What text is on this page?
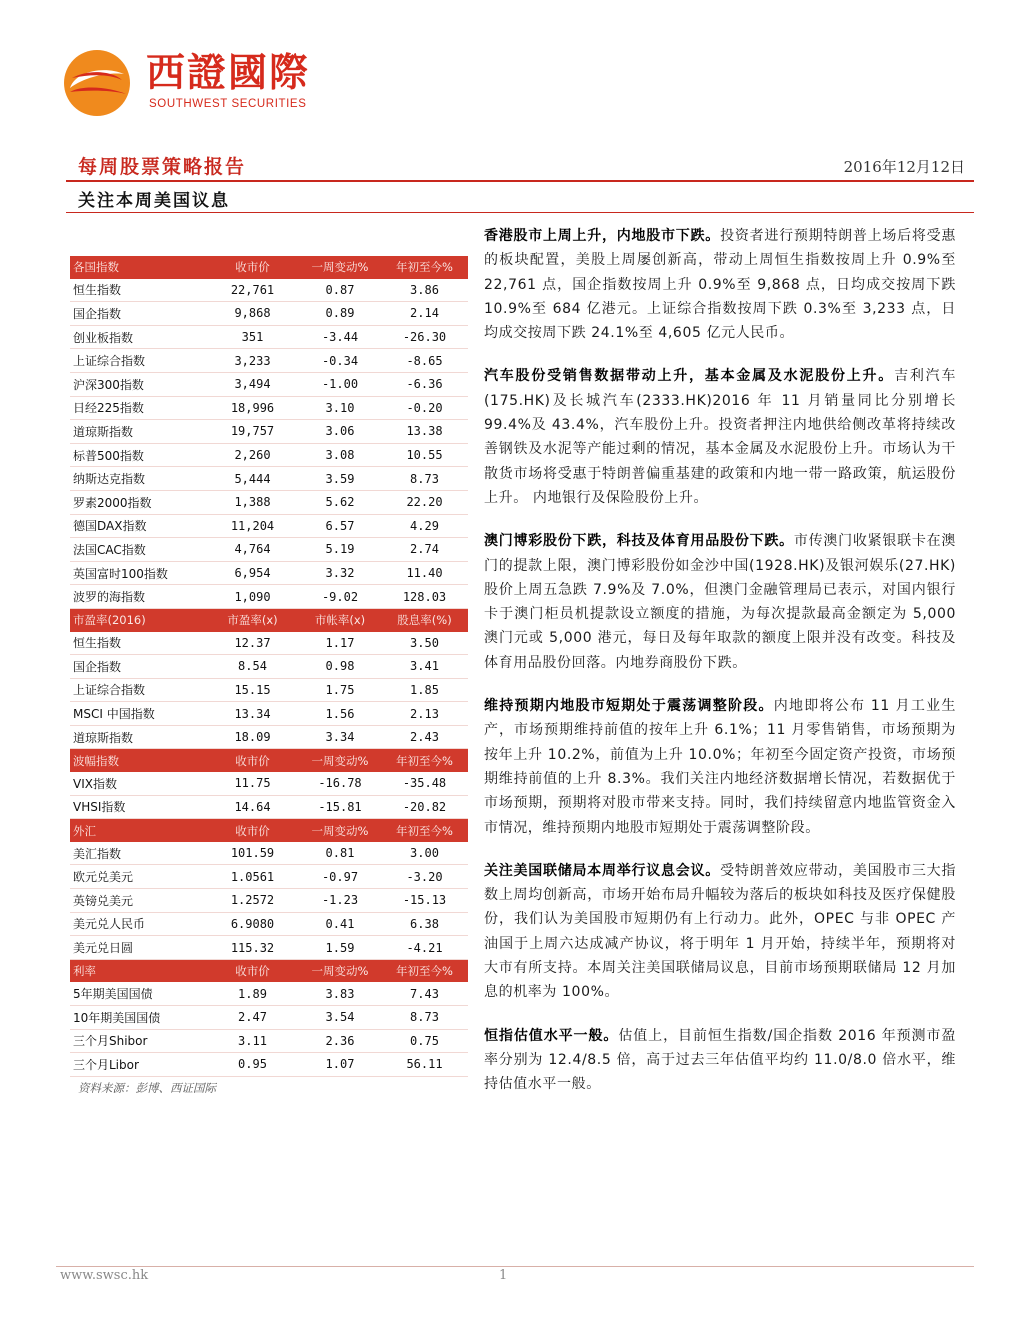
西證國際
SOUTHWEST SECURITIES
每周股票策略报告	2016年12月12日
关注本周美国议息
各国指数	收市价	一周变动%	年初至今%
恒生指数	22,761	0.87	3.86
国企指数	9,868	0.89	2.14
创业板指数	351	-3.44	-26.30
上证综合指数	3,233	-0.34	-8.65
沪深300指数	3,494	-1.00	-6.36
日经225指数	18,996	3.10	-0.20
道琼斯指数	19,757	3.06	13.38
标普500指数	2,260	3.08	10.55
纳斯达克指数	5,444	3.59	8.73
罗素2000指数	1,388	5.62	22.20
德国DAX指数	11,204	6.57	4.29
法国CAC指数	4,764	5.19	2.74
英国富时100指数	6,954	3.32	11.40
波罗的海指数	1,090	-9.02	128.03
市盈率(2016)	市盈率(x)	市帐率(x)	股息率(%)
恒生指数	12.37	1.17	3.50
国企指数	8.54	0.98	3.41
上证综合指数	15.15	1.75	1.85
MSCI 中国指数	13.34	1.56	2.13
道琼斯指数	18.09	3.34	2.43
波幅指数	收市价	一周变动%	年初至今%
VIX指数	11.75	-16.78	-35.48
VHSI指数	14.64	-15.81	-20.82
外汇	收市价	一周变动%	年初至今%
美汇指数	101.59	0.81	3.00
欧元兑美元	1.0561	-0.97	-3.20
英镑兑美元	1.2572	-1.23	-15.13
美元兑人民币	6.9080	0.41	6.38
美元兑日圆	115.32	1.59	-4.21
利率	收市价	一周变动%	年初至今%
5年期美国国债	1.89	3.83	7.43
10年期美国国债	2.47	3.54	8.73
三个月Shibor	3.11	2.36	0.75
三个月Libor	0.95	1.07	56.11
资料来源：彭博、西证国际

香港股市上周上升，内地股市下跌。投资者进行预期特朗普上场后将受惠的板块配置，美股上周屡创新高，带动上周恒生指数按周上升 0.9%至 22,761 点，国企指数按周上升 0.9%至 9,868 点，日均成交按周下跌 10.9%至 684 亿港元。上证综合指数按周下跌 0.3%至 3,233 点，日均成交按周下跌 24.1%至 4,605 亿元人民币。

汽车股份受销售数据带动上升，基本金属及水泥股份上升。吉利汽车(175.HK)及长城汽车(2333.HK)2016 年 11 月销量同比分别增长 99.4%及 43.4%，汽车股份上升。投资者押注内地供给侧改革将持续改善钢铁及水泥等产能过剩的情况，基本金属及水泥股份上升。市场认为干散货市场将受惠于特朗普偏重基建的政策和内地一带一路政策，航运股份上升。 内地银行及保险股份上升。

澳门博彩股份下跌，科技及体育用品股份下跌。市传澳门收紧银联卡在澳门的提款上限，澳门博彩股份如金沙中国(1928.HK)及银河娱乐(27.HK)股价上周五急跌 7.9%及 7.0%，但澳门金融管理局已表示，对国内银行卡于澳门柜员机提款设立额度的措施，为每次提款最高金额定为 5,000 澳门元或 5,000 港元，每日及每年取款的额度上限并没有改变。科技及体育用品股份回落。内地券商股份下跌。

维持预期内地股市短期处于震荡调整阶段。内地即将公布 11 月工业生产，市场预期维持前值的按年上升 6.1%；11 月零售销售，市场预期为按年上升 10.2%，前值为上升 10.0%；年初至今固定资产投资，市场预期维持前值的上升 8.3%。我们关注内地经济数据增长情况，若数据优于市场预期，预期将对股市带来支持。同时，我们持续留意内地监管资金入市情况，维持预期内地股市短期处于震荡调整阶段。

关注美国联储局本周举行议息会议。受特朗普效应带动，美国股市三大指数上周均创新高，市场开始布局升幅较为落后的板块如科技及医疗保健股份，我们认为美国股市短期仍有上行动力。此外，OPEC 与非 OPEC 产油国于上周六达成减产协议，将于明年 1 月开始，持续半年，预期将对大市有所支持。本周关注美国联储局议息，目前市场预期联储局 12 月加息的机率为 100%。

恒指估值水平一般。估值上，目前恒生指数/国企指数 2016 年预测市盈率分别为 12.4/8.5 倍，高于过去三年估值平均约 11.0/8.0 倍水平，维持估值水平一般。

www.swsc.hk	1
